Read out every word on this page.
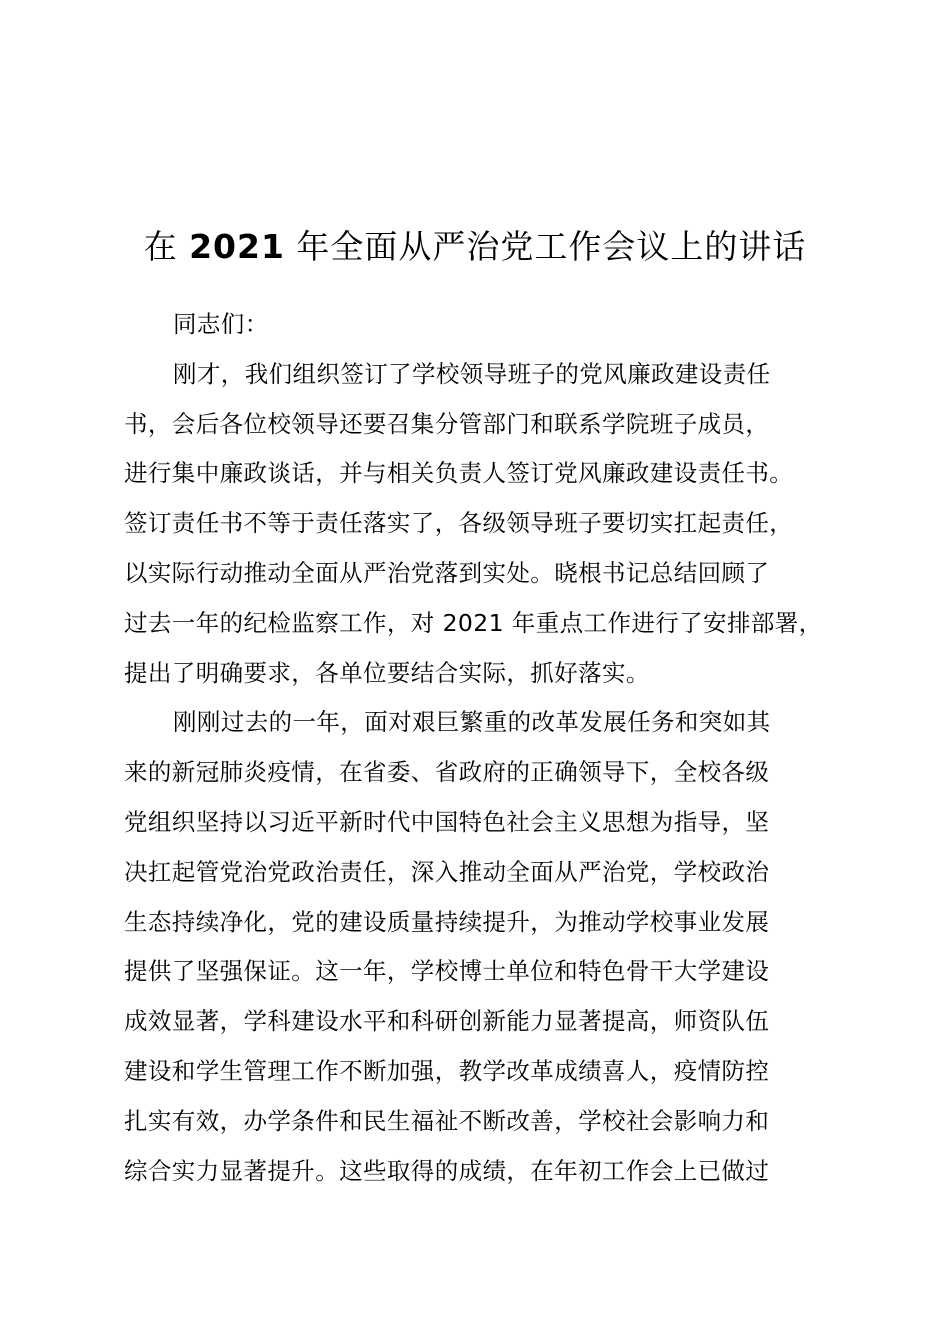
在 2021 年全面从严治党工作会议上的讲话

同志们：

刚才，我们组织签订了学校领导班子的党风廉政建设责任
书，会后各位校领导还要召集分管部门和联系学院班子成员，
进行集中廉政谈话，并与相关负责人签订党风廉政建设责任书。
签订责任书不等于责任落实了，各级领导班子要切实扛起责任，
以实际行动推动全面从严治党落到实处。晓根书记总结回顾了
过去一年的纪检监察工作，对 2021 年重点工作进行了安排部署，
提出了明确要求，各单位要结合实际，抓好落实。

刚刚过去的一年，面对艰巨繁重的改革发展任务和突如其
来的新冠肺炎疫情，在省委、省政府的正确领导下，全校各级
党组织坚持以习近平新时代中国特色社会主义思想为指导，坚
决扛起管党治党政治责任，深入推动全面从严治党，学校政治
生态持续净化，党的建设质量持续提升，为推动学校事业发展
提供了坚强保证。这一年，学校博士单位和特色骨干大学建设
成效显著，学科建设水平和科研创新能力显著提高，师资队伍
建设和学生管理工作不断加强，教学改革成绩喜人，疫情防控
扎实有效，办学条件和民生福祉不断改善，学校社会影响力和
综合实力显著提升。这些取得的成绩，在年初工作会上已做过
